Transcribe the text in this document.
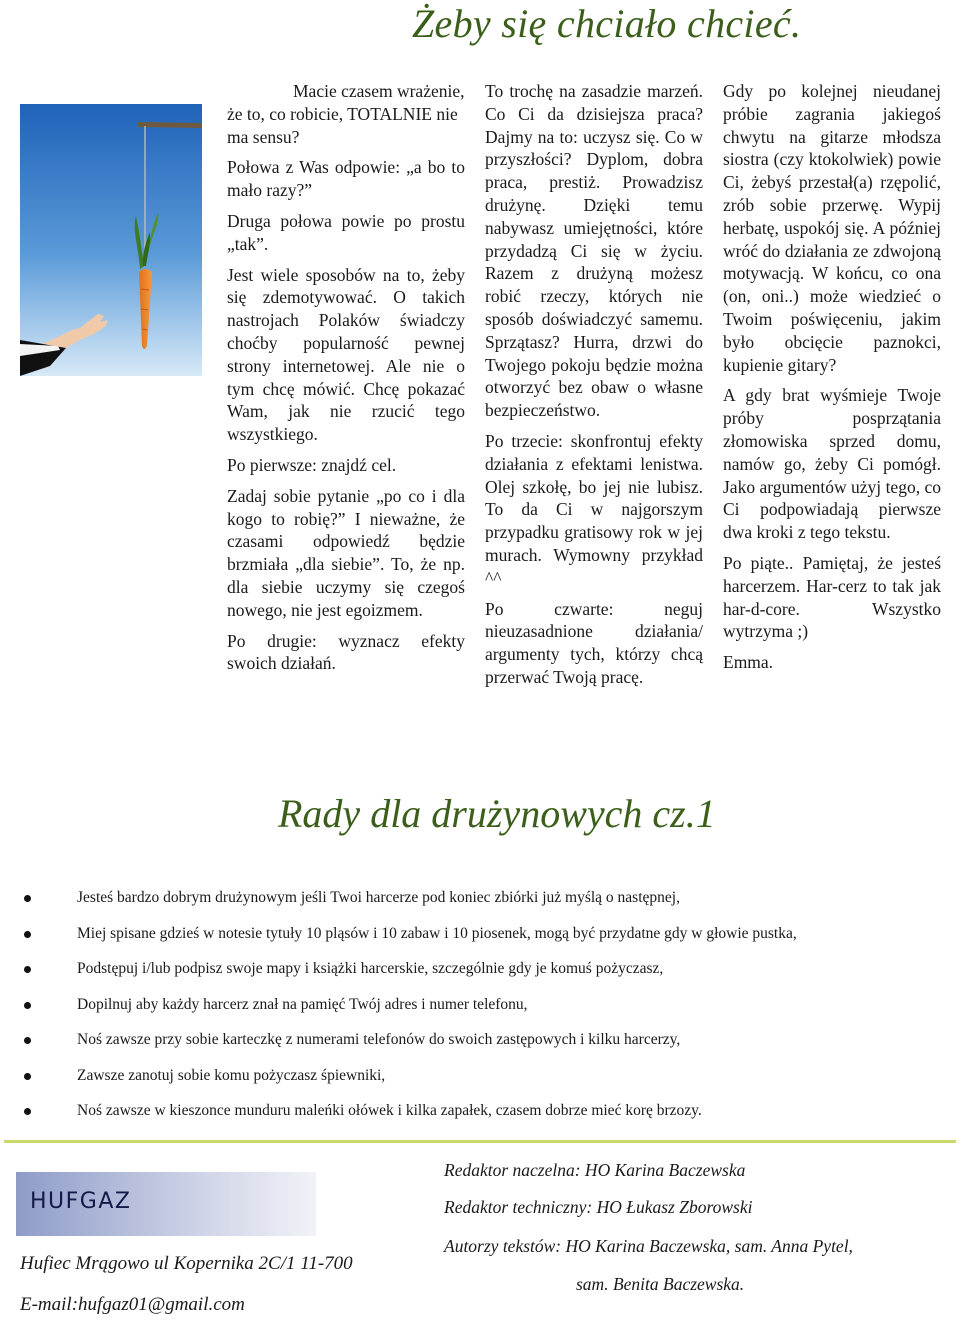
Żeby się chciało chcieć.

Macie czasem wrażenie, że to, co robicie, TOTALNIE nie ma sensu?

Połowa z Was odpowie: „a bo to mało razy?”

Druga połowa powie po prostu „tak”.

Jest wiele sposobów na to, żeby się zdemotywować. O takich nastrojach Polaków świadczy choćby popularność pewnej strony internetowej. Ale nie o tym chcę mówić. Chcę pokazać Wam, jak nie rzucić tego wszystkiego.

Po pierwsze: znajdź cel.

Zadaj sobie pytanie „po co i dla kogo to robię?” I nieważne, że czasami odpowiedź będzie brzmiała „dla siebie”. To, że np. dla siebie uczymy się czegoś nowego, nie jest egoizmem.

Po drugie: wyznacz efekty swoich działań.

To trochę na zasadzie marzeń. Co Ci da dzisiejsza praca? Dajmy na to: uczysz się. Co w przyszłości? Dyplom, dobra praca, prestiż. Prowadzisz drużynę. Dzięki temu nabywasz umiejętności, które przydadzą Ci się w życiu. Razem z drużyną możesz robić rzeczy, których nie sposób doświadczyć samemu. Sprzątasz? Hurra, drzwi do Twojego pokoju będzie można otworzyć bez obaw o własne bezpieczeństwo.

Po trzecie: skonfrontuj efekty działania z efektami lenistwa. Olej szkołę, bo jej nie lubisz. To da Ci w najgorszym przypadku gratisowy rok w jej murach. Wymowny przykład ^^

Po czwarte: neguj nieuzasadnione działania/ argumenty tych, którzy chcą przerwać Twoją pracę.

Gdy po kolejnej nieudanej próbie zagrania jakiegoś chwytu na gitarze młodsza siostra (czy ktokolwiek) powie Ci, żebyś przestał(a) rzępolić, zrób sobie przerwę. Wypij herbatę, uspokój się. A później wróć do działania ze zdwojoną motywacją. W końcu, co ona (on, oni..) może wiedzieć o Twoim poświęceniu, jakim było obcięcie paznokci, kupienie gitary?

A gdy brat wyśmieje Twoje próby posprzątania złomowiska sprzed domu, namów go, żeby Ci pomógł. Jako argumentów użyj tego, co Ci podpowiadają pierwsze dwa kroki z tego tekstu.

Po piąte.. Pamiętaj, że jesteś harcerzem. Har-cerz to tak jak har-d-core. Wszystko wytrzyma ;)

Emma.

Rady dla drużynowych cz.1
Jesteś bardzo dobrym drużynowym jeśli Twoi harcerze pod koniec zbiórki już myślą o następnej,
Miej spisane gdzieś w notesie tytuły 10 pląsów i 10 zabaw i 10 piosenek, mogą być przydatne gdy w głowie pustka,
Podstępuj i/lub podpisz swoje mapy i książki harcerskie, szczególnie gdy je komuś pożyczasz,
Dopilnuj aby każdy harcerz znał na pamięć Twój adres i numer telefonu,
Noś zawsze przy sobie karteczkę z numerami telefonów do swoich zastępowych i kilku harcerzy,
Zawsze zanotuj sobie komu pożyczasz śpiewniki,
Noś zawsze w kieszonce munduru maleńki ołówek i kilka zapałek, czasem dobrze mieć korę brzozy.
HUFGAZ
Hufiec Mrągowo ul Kopernika 2C/1 11-700
E-mail:hufgaz01@gmail.com
Redaktor naczelna: HO Karina Baczewska
Redaktor techniczny: HO Łukasz Zborowski
Autorzy tekstów: HO Karina Baczewska, sam. Anna Pytel,
sam. Benita Baczewska.
